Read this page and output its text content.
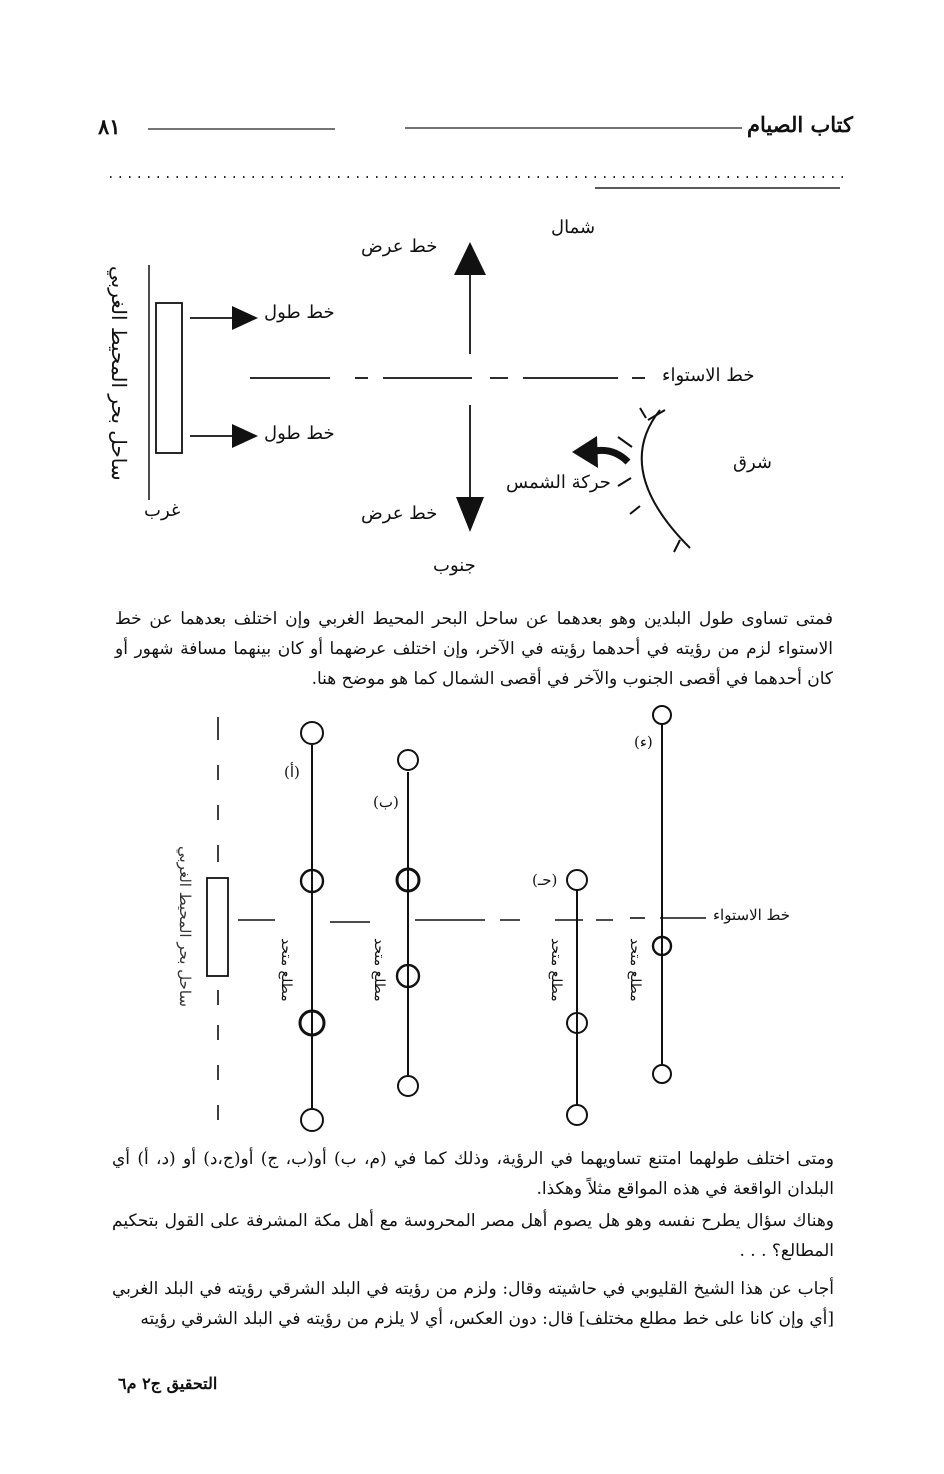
٨١	كتاب الصيام
شمال
خط عرض
خط طول
خط الاستواء
خط طول
شرق
حركة الشمس
غرب	خط عرض
جنوب
ساحل بحر المحيط الغربي
فمتى تساوى طول البلدين وهو بعدهما عن ساحل البحر المحيط الغربي وإن اختلف بعدهما عن خط الاستواء لزم من رؤيته في أحدهما رؤيته في الآخر، وإن اختلف عرضهما أو كان بينهما مسافة شهور أو كان أحدهما في أقصى الجنوب والآخر في أقصى الشمال كما هو موضح هنا.
ساحل بحر المحيط الغربي
(أ)
(ب)
(حـ)
(ء)
خط الاستواء
مطلع متحد	مطلع متحد	مطلع متحد	مطلع متحد
ومتى اختلف طولهما امتنع تساويهما في الرؤية، وذلك كما في (م، ب) أو(ب، ج) أو(ج،د) أو (د، أ) أي البلدان الواقعة في هذه المواقع مثلاً وهكذا.
وهناك سؤال يطرح نفسه وهو هل يصوم أهل مصر المحروسة مع أهل مكة المشرفة على القول بتحكيم المطالع؟ . . .
أجاب عن هذا الشيخ القليوبي في حاشيته وقال: ولزم من رؤيته في البلد الشرقي رؤيته في البلد الغربي [أي وإن كانا على خط مطلع مختلف] قال: دون العكس، أي لا يلزم من رؤيته في البلد الشرقي رؤيته
التحقيق ج٢ م٦
